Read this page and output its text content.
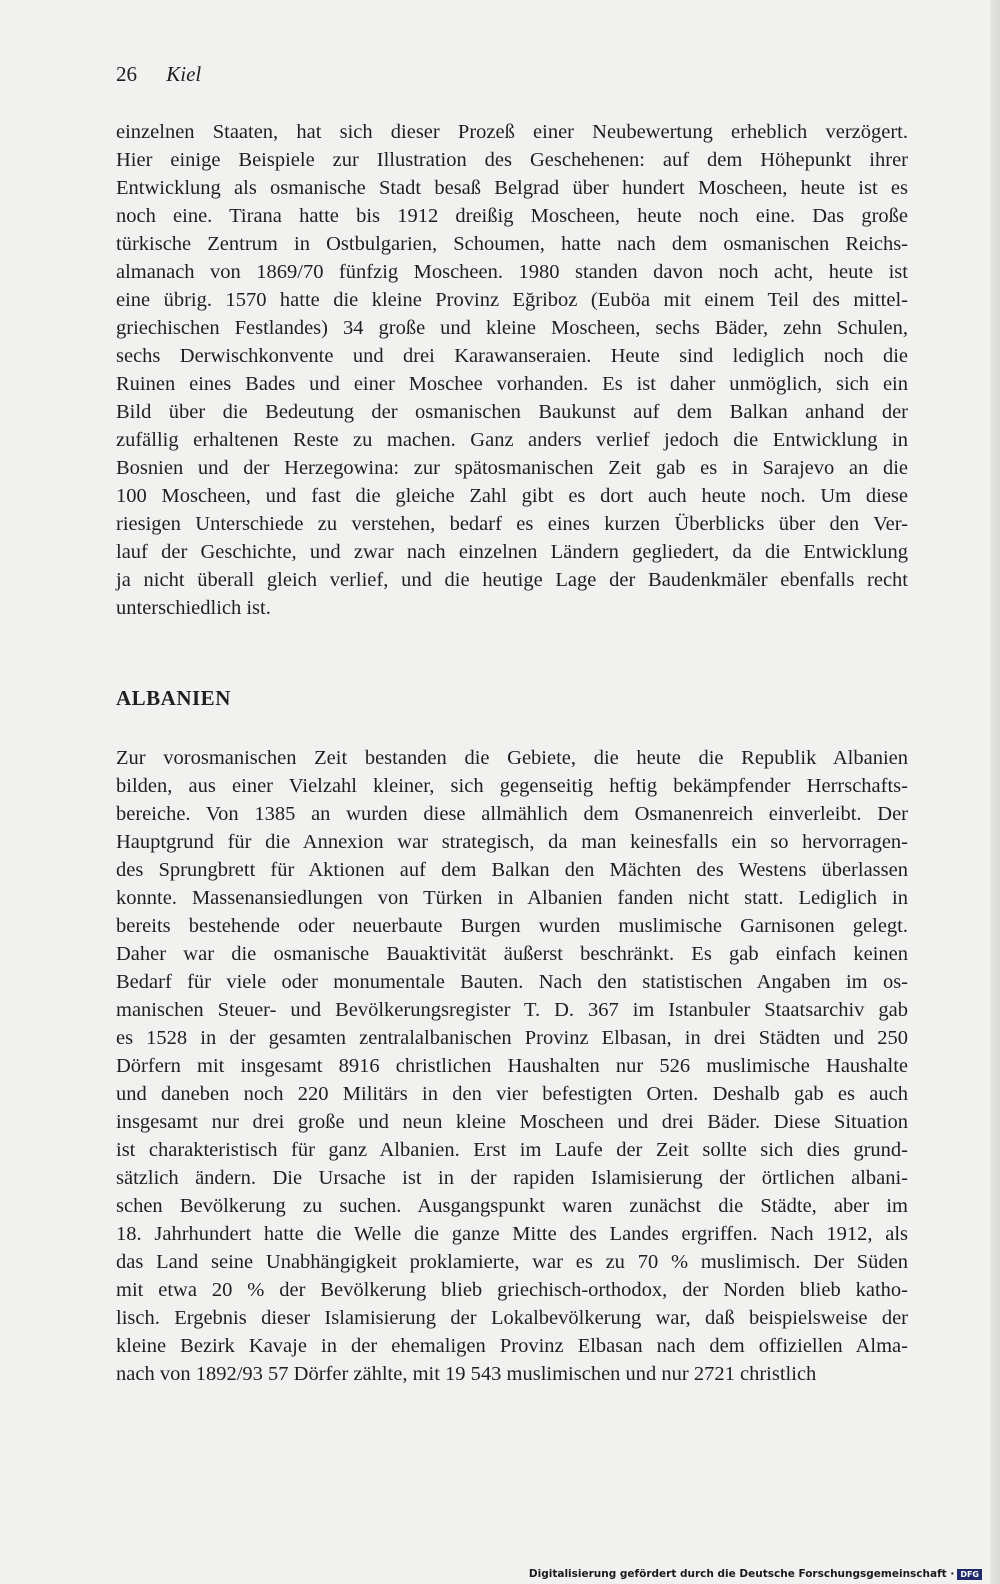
26 Kiel
einzelnen Staaten, hat sich dieser Prozeß einer Neubewertung erheblich verzögert.
Hier einige Beispiele zur Illustration des Geschehenen: auf dem Höhepunkt ihrer
Entwicklung als osmanische Stadt besaß Belgrad über hundert Moscheen, heute ist es
noch eine. Tirana hatte bis 1912 dreißig Moscheen, heute noch eine. Das große
türkische Zentrum in Ostbulgarien, Schoumen, hatte nach dem osmanischen Reichs-
almanach von 1869/70 fünfzig Moscheen. 1980 standen davon noch acht, heute ist
eine übrig. 1570 hatte die kleine Provinz Eğriboz (Euböa mit einem Teil des mittel-
griechischen Festlandes) 34 große und kleine Moscheen, sechs Bäder, zehn Schulen,
sechs Derwischkonvente und drei Karawanseraien. Heute sind lediglich noch die
Ruinen eines Bades und einer Moschee vorhanden. Es ist daher unmöglich, sich ein
Bild über die Bedeutung der osmanischen Baukunst auf dem Balkan anhand der
zufällig erhaltenen Reste zu machen. Ganz anders verlief jedoch die Entwicklung in
Bosnien und der Herzegowina: zur spätosmanischen Zeit gab es in Sarajevo an die
100 Moscheen, und fast die gleiche Zahl gibt es dort auch heute noch. Um diese
riesigen Unterschiede zu verstehen, bedarf es eines kurzen Überblicks über den Ver-
lauf der Geschichte, und zwar nach einzelnen Ländern gegliedert, da die Entwicklung
ja nicht überall gleich verlief, und die heutige Lage der Baudenkmäler ebenfalls recht
unterschiedlich ist.
ALBANIEN
Zur vorosmanischen Zeit bestanden die Gebiete, die heute die Republik Albanien
bilden, aus einer Vielzahl kleiner, sich gegenseitig heftig bekämpfender Herrschafts-
bereiche. Von 1385 an wurden diese allmählich dem Osmanenreich einverleibt. Der
Hauptgrund für die Annexion war strategisch, da man keinesfalls ein so hervorragen-
des Sprungbrett für Aktionen auf dem Balkan den Mächten des Westens überlassen
konnte. Massenansiedlungen von Türken in Albanien fanden nicht statt. Lediglich in
bereits bestehende oder neuerbaute Burgen wurden muslimische Garnisonen gelegt.
Daher war die osmanische Bauaktivität äußerst beschränkt. Es gab einfach keinen
Bedarf für viele oder monumentale Bauten. Nach den statistischen Angaben im os-
manischen Steuer- und Bevölkerungsregister T. D. 367 im Istanbuler Staatsarchiv gab
es 1528 in der gesamten zentralalbanischen Provinz Elbasan, in drei Städten und 250
Dörfern mit insgesamt 8916 christlichen Haushalten nur 526 muslimische Haushalte
und daneben noch 220 Militärs in den vier befestigten Orten. Deshalb gab es auch
insgesamt nur drei große und neun kleine Moscheen und drei Bäder. Diese Situation
ist charakteristisch für ganz Albanien. Erst im Laufe der Zeit sollte sich dies grund-
sätzlich ändern. Die Ursache ist in der rapiden Islamisierung der örtlichen albani-
schen Bevölkerung zu suchen. Ausgangspunkt waren zunächst die Städte, aber im
18. Jahrhundert hatte die Welle die ganze Mitte des Landes ergriffen. Nach 1912, als
das Land seine Unabhängigkeit proklamierte, war es zu 70 % muslimisch. Der Süden
mit etwa 20 % der Bevölkerung blieb griechisch-orthodox, der Norden blieb katho-
lisch. Ergebnis dieser Islamisierung der Lokalbevölkerung war, daß beispielsweise der
kleine Bezirk Kavaje in der ehemaligen Provinz Elbasan nach dem offiziellen Alma-
nach von 1892/93 57 Dörfer zählte, mit 19 543 muslimischen und nur 2721 christlich
Digitalisierung gefördert durch die Deutsche Forschungsgemeinschaft · DFG
